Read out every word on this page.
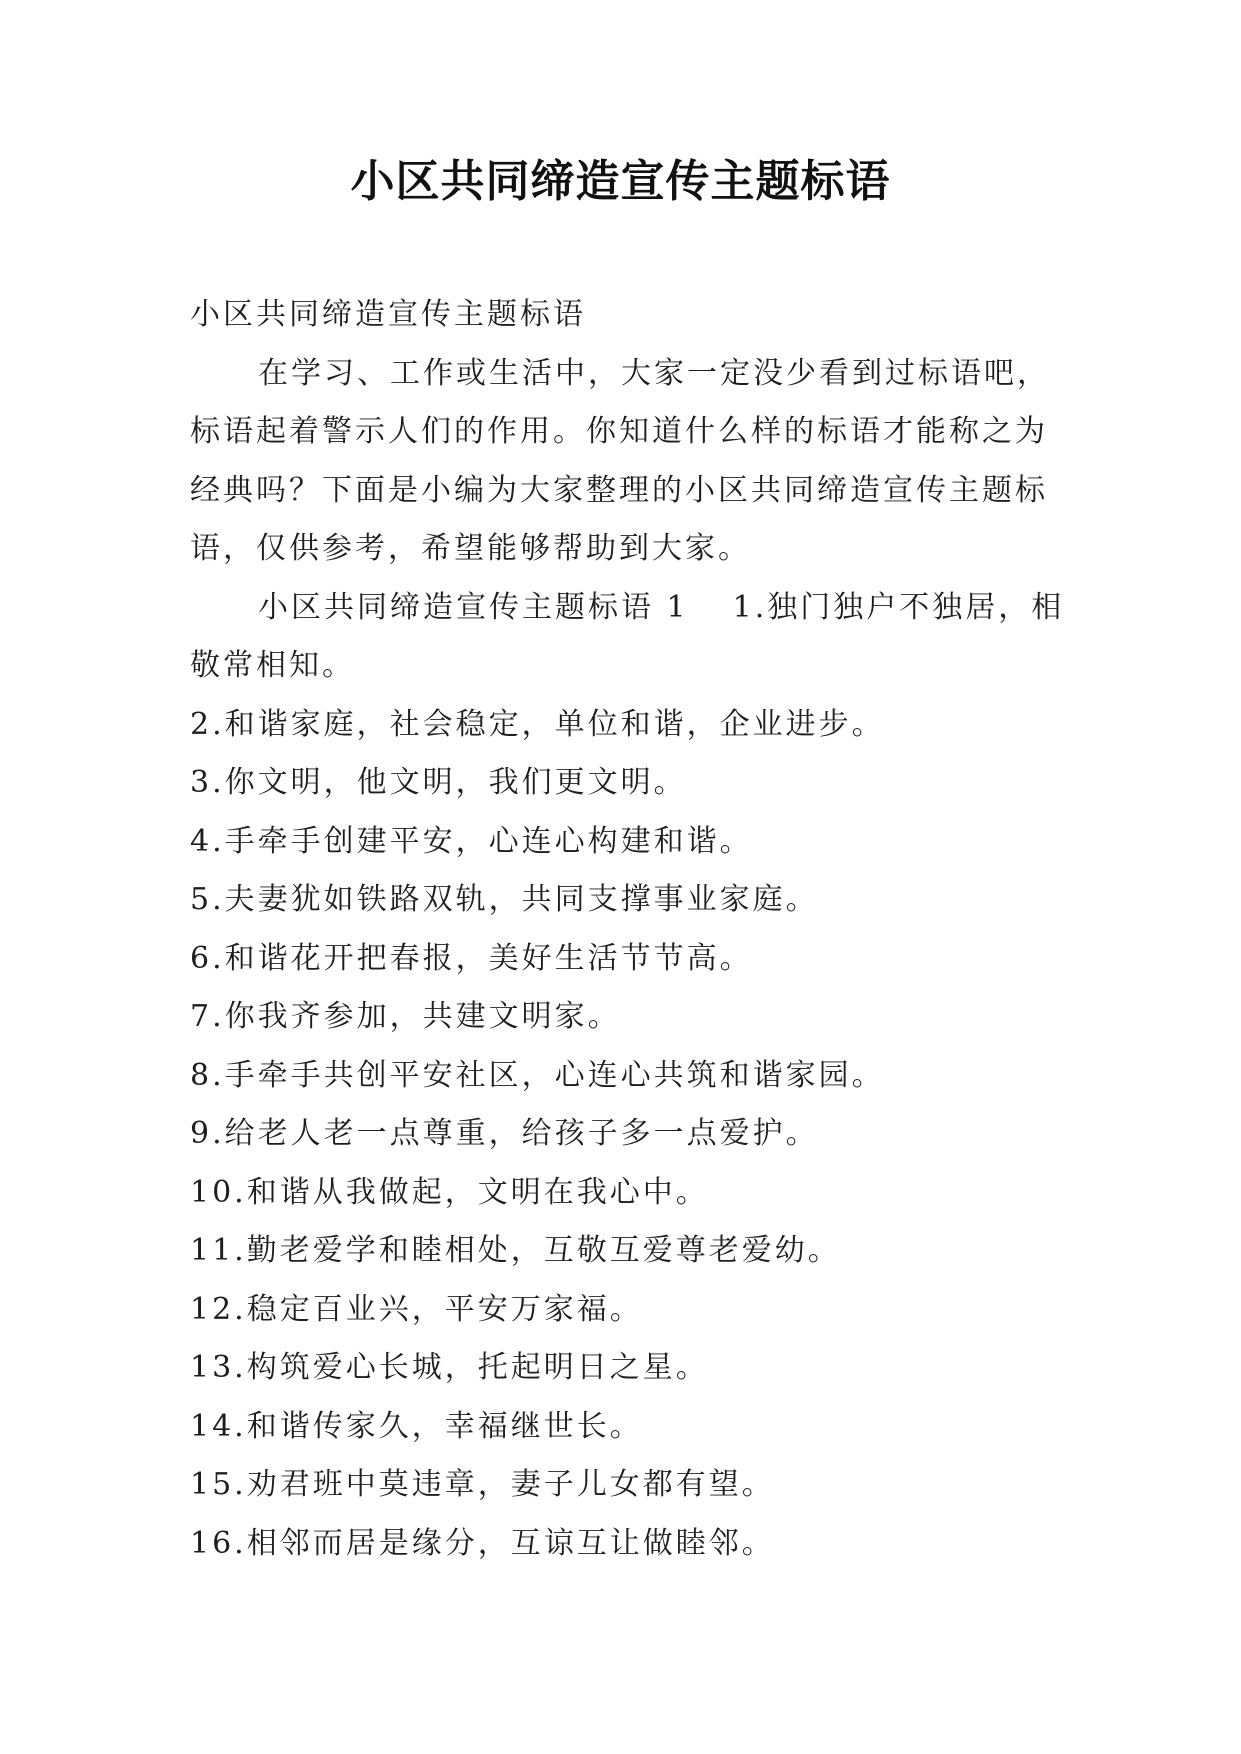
小区共同缔造宣传主题标语

小区共同缔造宣传主题标语

在学习、工作或生活中，大家一定没少看到过标语吧，标语起着警示人们的作用。你知道什么样的标语才能称之为经典吗？下面是小编为大家整理的小区共同缔造宣传主题标语，仅供参考，希望能够帮助到大家。

小区共同缔造宣传主题标语 1 1.独门独户不独居，相敬常相知。

2.和谐家庭，社会稳定，单位和谐，企业进步。

3.你文明，他文明，我们更文明。

4.手牵手创建平安，心连心构建和谐。

5.夫妻犹如铁路双轨，共同支撑事业家庭。

6.和谐花开把春报，美好生活节节高。

7.你我齐参加，共建文明家。

8.手牵手共创平安社区，心连心共筑和谐家园。

9.给老人老一点尊重，给孩子多一点爱护。

10.和谐从我做起，文明在我心中。

11.勤老爱学和睦相处，互敬互爱尊老爱幼。

12.稳定百业兴，平安万家福。

13.构筑爱心长城，托起明日之星。

14.和谐传家久，幸福继世长。

15.劝君班中莫违章，妻子儿女都有望。

16.相邻而居是缘分，互谅互让做睦邻。
